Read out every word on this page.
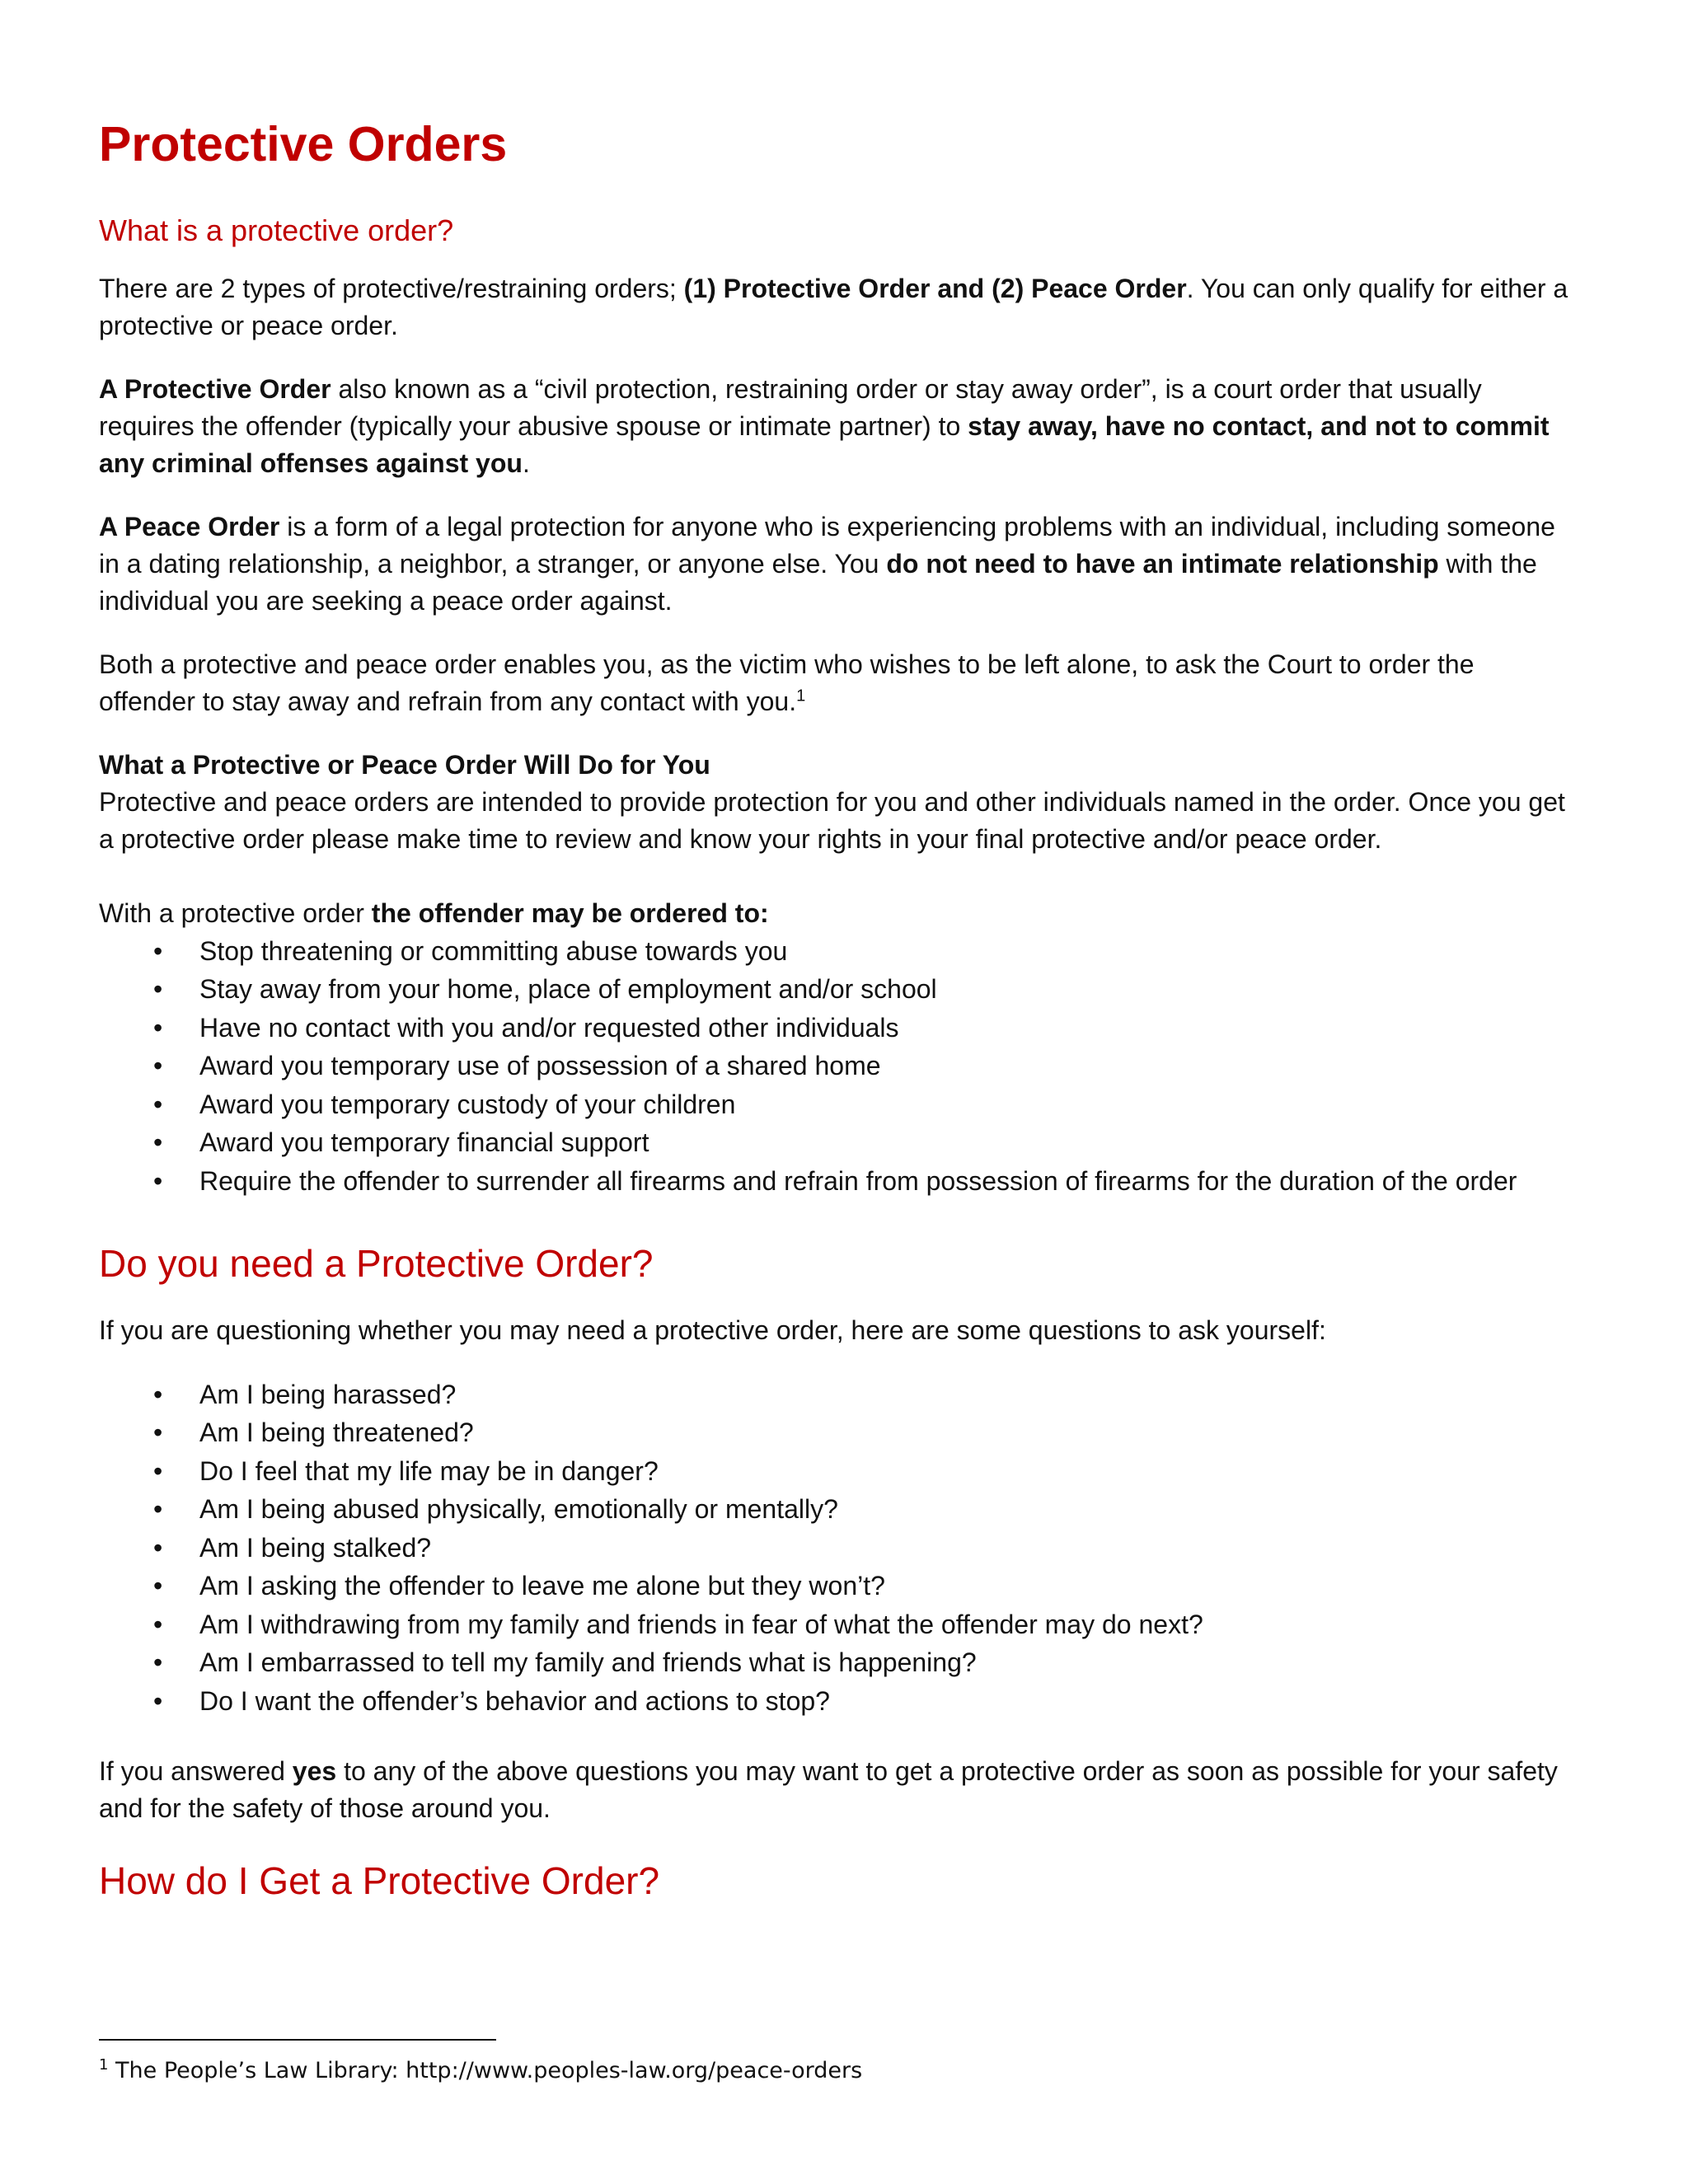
Protective Orders
What is a protective order?

There are 2 types of protective/restraining orders; (1) Protective Order and (2) Peace Order. You can only qualify for either a protective or peace order.

A Protective Order also known as a “civil protection, restraining order or stay away order”, is a court order that usually requires the offender (typically your abusive spouse or intimate partner) to stay away, have no contact, and not to commit any criminal offenses against you.

A Peace Order is a form of a legal protection for anyone who is experiencing problems with an individual, including someone in a dating relationship, a neighbor, a stranger, or anyone else. You do not need to have an intimate relationship with the individual you are seeking a peace order against.

Both a protective and peace order enables you, as the victim who wishes to be left alone, to ask the Court to order the offender to stay away and refrain from any contact with you.$^1$

What a Protective or Peace Order Will Do for You

Protective and peace orders are intended to provide protection for you and other individuals named in the order. Once you get a protective order please make time to review and know your rights in your final protective and/or peace order.

With a protective order the offender may be ordered to:

• Stop threatening or committing abuse towards you
• Stay away from your home, place of employment and/or school
• Have no contact with you and/or requested other individuals
• Award you temporary use of possession of a shared home
• Award you temporary custody of your children
• Award you temporary financial support
• Require the offender to surrender all firearms and refrain from possession of firearms for the duration of the order
Do you need a Protective Order?

If you are questioning whether you may need a protective order, here are some questions to ask yourself:

• Am I being harassed?
• Am I being threatened?
• Do I feel that my life may be in danger?
• Am I being abused physically, emotionally or mentally?
• Am I being stalked?
• Am I asking the offender to leave me alone but they won’t?
• Am I withdrawing from my family and friends in fear of what the offender may do next?
• Am I embarrassed to tell my family and friends what is happening?
• Do I want the offender’s behavior and actions to stop?

If you answered yes to any of the above questions you may want to get a protective order as soon as possible for your safety and for the safety of those around you.

How do I Get a Protective Order?
$^1$ The People’s Law Library: http://www.peoples-law.org/peace-orders
